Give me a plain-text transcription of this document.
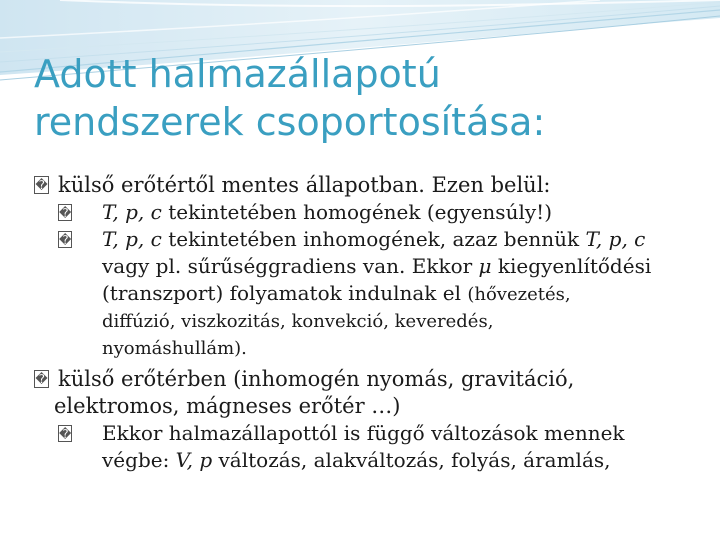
Adott halmazállapotú
rendszerek csoportosítása:
� külső erőtértől mentes állapotban. Ezen belül:
� T, p, c tekintetében homogének (egyensúly!)
� T, p, c tekintetében inhomogének, azaz bennük T, p, c
vagy pl. sűrűséggradiens van. Ekkor μ kiegyenlítődési
(transzport) folyamatok indulnak el (hővezetés,
diffúzió, viszkozitás, konvekció, keveredés,
nyomáshullám).
� külső erőtérben (inhomogén nyomás, gravitáció,
elektromos, mágneses erőtér …)
� Ekkor halmazállapottól is függő változások mennek
végbe: V, p változás, alakváltozás, folyás, áramlás,
